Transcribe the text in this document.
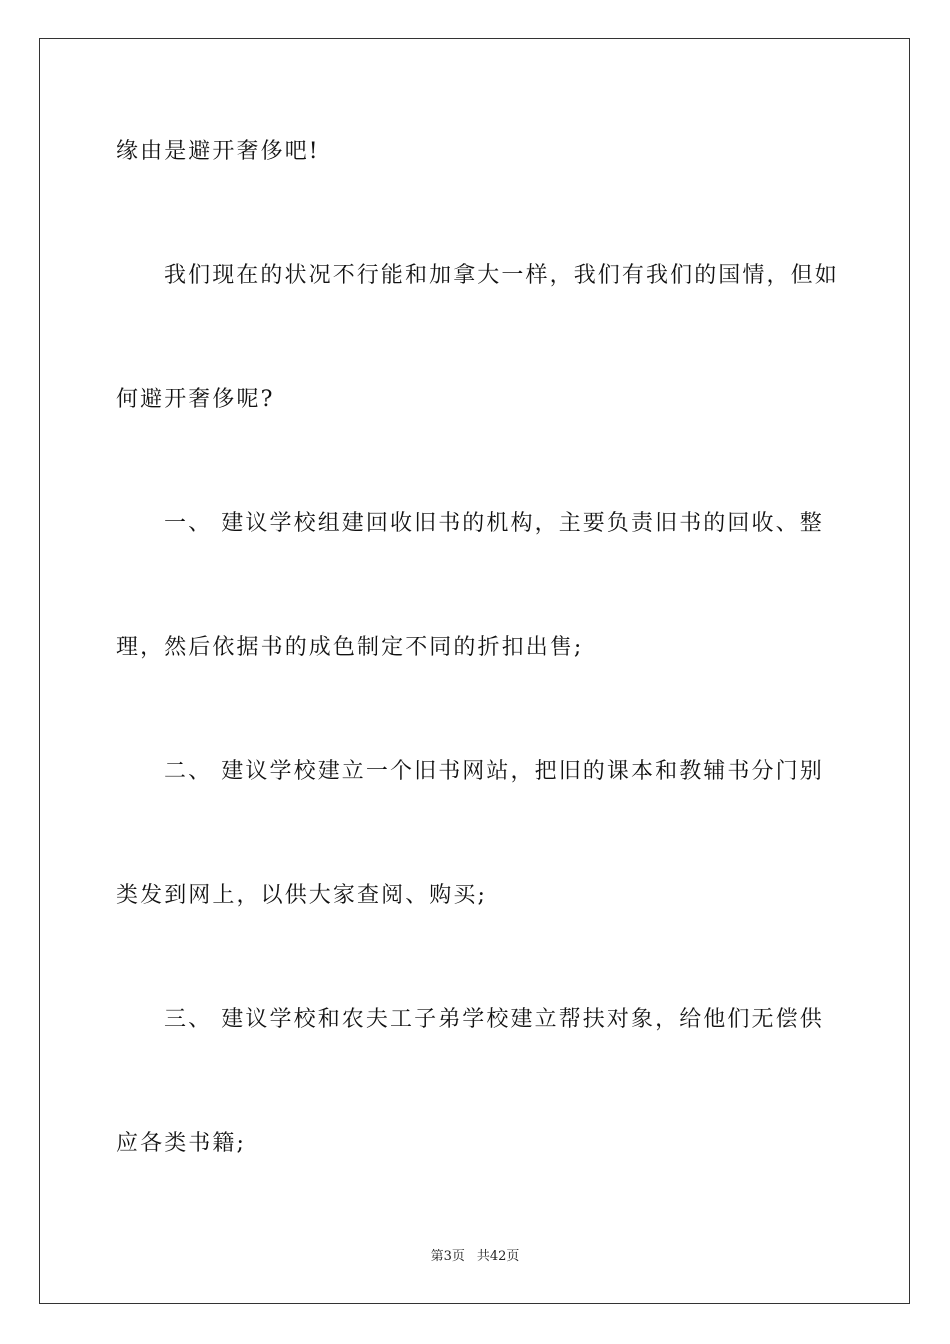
缘由是避开奢侈吧!
我们现在的状况不行能和加拿大一样，我们有我们的国情，但如
何避开奢侈呢?
一、 建议学校组建回收旧书的机构，主要负责旧书的回收、整
理，然后依据书的成色制定不同的折扣出售;
二、 建议学校建立一个旧书网站，把旧的课本和教辅书分门别
类发到网上，以供大家查阅、购买;
三、 建议学校和农夫工子弟学校建立帮扶对象，给他们无偿供
应各类书籍;
第3页 共42页
